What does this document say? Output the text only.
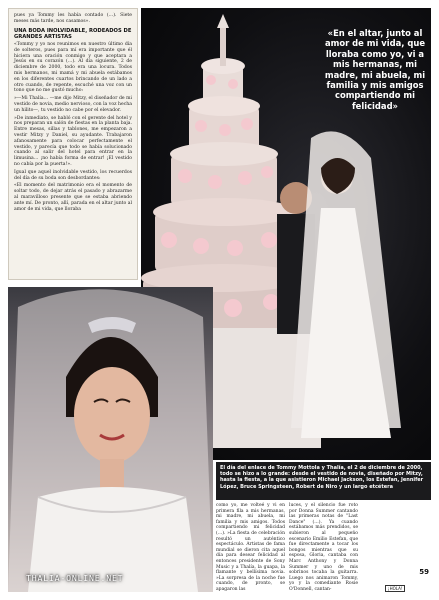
pues ya Tommy les había contado (…). Siete meses más tarde, nos casamos».

UNA BODA INOLVIDABLE, RODEADOS DE GRANDES ARTISTAS

«Tommy y yo nos reunimos en nuestro último día de solteros, pues para mí era importante que él hiciera una oración conmigo y que aceptara a Jesús en su corazón (…). Al día siguiente, 2 de diciembre de 2000, todo era una locura. Todos mis hermanos, mi mamá y mi abuela estábamos en los diferentes cuartos brincando de un lado a otro cuando, de repente, escuché una voz con un tono que no me gustó mucho:

»—Mi Thalía… —me dijo Mitzy, el diseñador de mi vestido de novia, medio nervioso, con la voz hecha un hilito—, tu vestido no cabe por el elevador.

»De inmediato, se habló con el gerente del hotel y nos preparan un salón de fiestas en la planta baja. Entre mesas, sillas y tablones, me empezaron a vestir Mitzy y Daniel, su ayudante. Trabajaron afanosamente para colocar perfectamente el vestido, y parecía que todo se había solucionado cuando al salir del hotel para entrar en la limusina… ¡no había forma de entrar! ¡El vestido no cabía por la puerta!».

Igual que aquel inolvidable vestido, los recuerdos del día de su boda son desbordantes:

«El momento del matrimonio era el momento de soltar todo, de dejar atrás el pasado y abrazarme al maravilloso presente que se estaba abriendo ante mí. De pronto, allí, parada en el altar junto al amor de mi vida, que lloraba

«En el altar, junto al amor de mi vida, que lloraba como yo, vi a mis hermanas, mi madre, mi abuela, mi familia y mis amigos compartiendo mi felicidad»
El día del enlace de Tommy Mottola y Thalía, el 2 de diciembre de 2000, todo se hizo a lo grande: desde el vestido de novia, diseñado por Mitzy, hasta la fiesta, a la que asistieron Michael Jackson, los Estefan, Jennifer López, Bruce Springsteen, Robert de Niro y un largo etcétera

como yo, me volteé y vi en primera fila a mis hermanas, mi madre, mi abuela, mi familia y mis amigos. Todos compartiendo mi felicidad (…). »La fiesta de celebración resultó un auténtico espectáculo. Artistas de fama mundial se dieron cita aquel día para desear felicidad al entonces presidente de Sony Music y a Thalía, la guapa, la flamante y bellísima novia. »La sorpresa de la noche fue cuando, de pronto, se apagaron las

luces, y el silencio fue roto por Donna Summer cantando las primeras notas de "Last Dance" (…). Ya cuando estábamos más prendidos, se subieron al pequeño escenario Emilio Estefan, que fue directamente a tocar los bongos mientras que su esposa, Gloria, cantaba con Marc Anthony y Donna Summer y uno de mis sobrinos tocaba la guitarra. Luego nos animaron Tommy, yo y la comediante Rosie O'Donnell, cantan-

59
¡HOLA!
THALIA-ONLINE.NET
